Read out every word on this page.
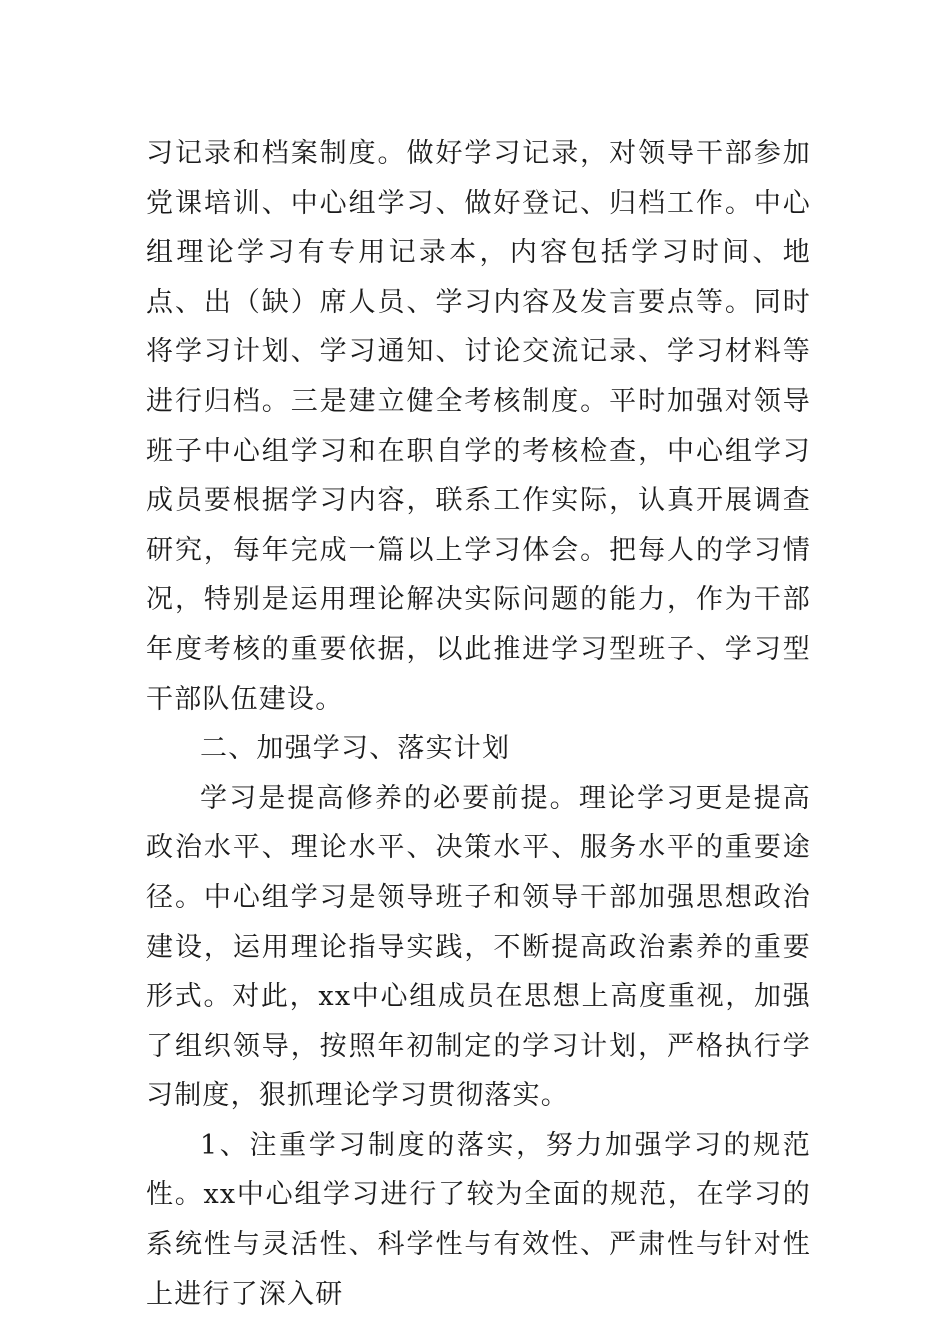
习记录和档案制度。做好学习记录，对领导干部参加党课培训、中心组学习、做好登记、归档工作。中心组理论学习有专用记录本，内容包括学习时间、地点、出（缺）席人员、学习内容及发言要点等。同时将学习计划、学习通知、讨论交流记录、学习材料等进行归档。三是建立健全考核制度。平时加强对领导班子中心组学习和在职自学的考核检查，中心组学习成员要根据学习内容，联系工作实际，认真开展调查研究，每年完成一篇以上学习体会。把每人的学习情况，特别是运用理论解决实际问题的能力，作为干部年度考核的重要依据，以此推进学习型班子、学习型干部队伍建设。

二、加强学习、落实计划

学习是提高修养的必要前提。理论学习更是提高政治水平、理论水平、决策水平、服务水平的重要途径。中心组学习是领导班子和领导干部加强思想政治建设，运用理论指导实践，不断提高政治素养的重要形式。对此，xx中心组成员在思想上高度重视，加强了组织领导，按照年初制定的学习计划，严格执行学习制度，狠抓理论学习贯彻落实。

1、注重学习制度的落实，努力加强学习的规范性。xx中心组学习进行了较为全面的规范，在学习的系统性与灵活性、科学性与有效性、严肃性与针对性上进行了深入研
